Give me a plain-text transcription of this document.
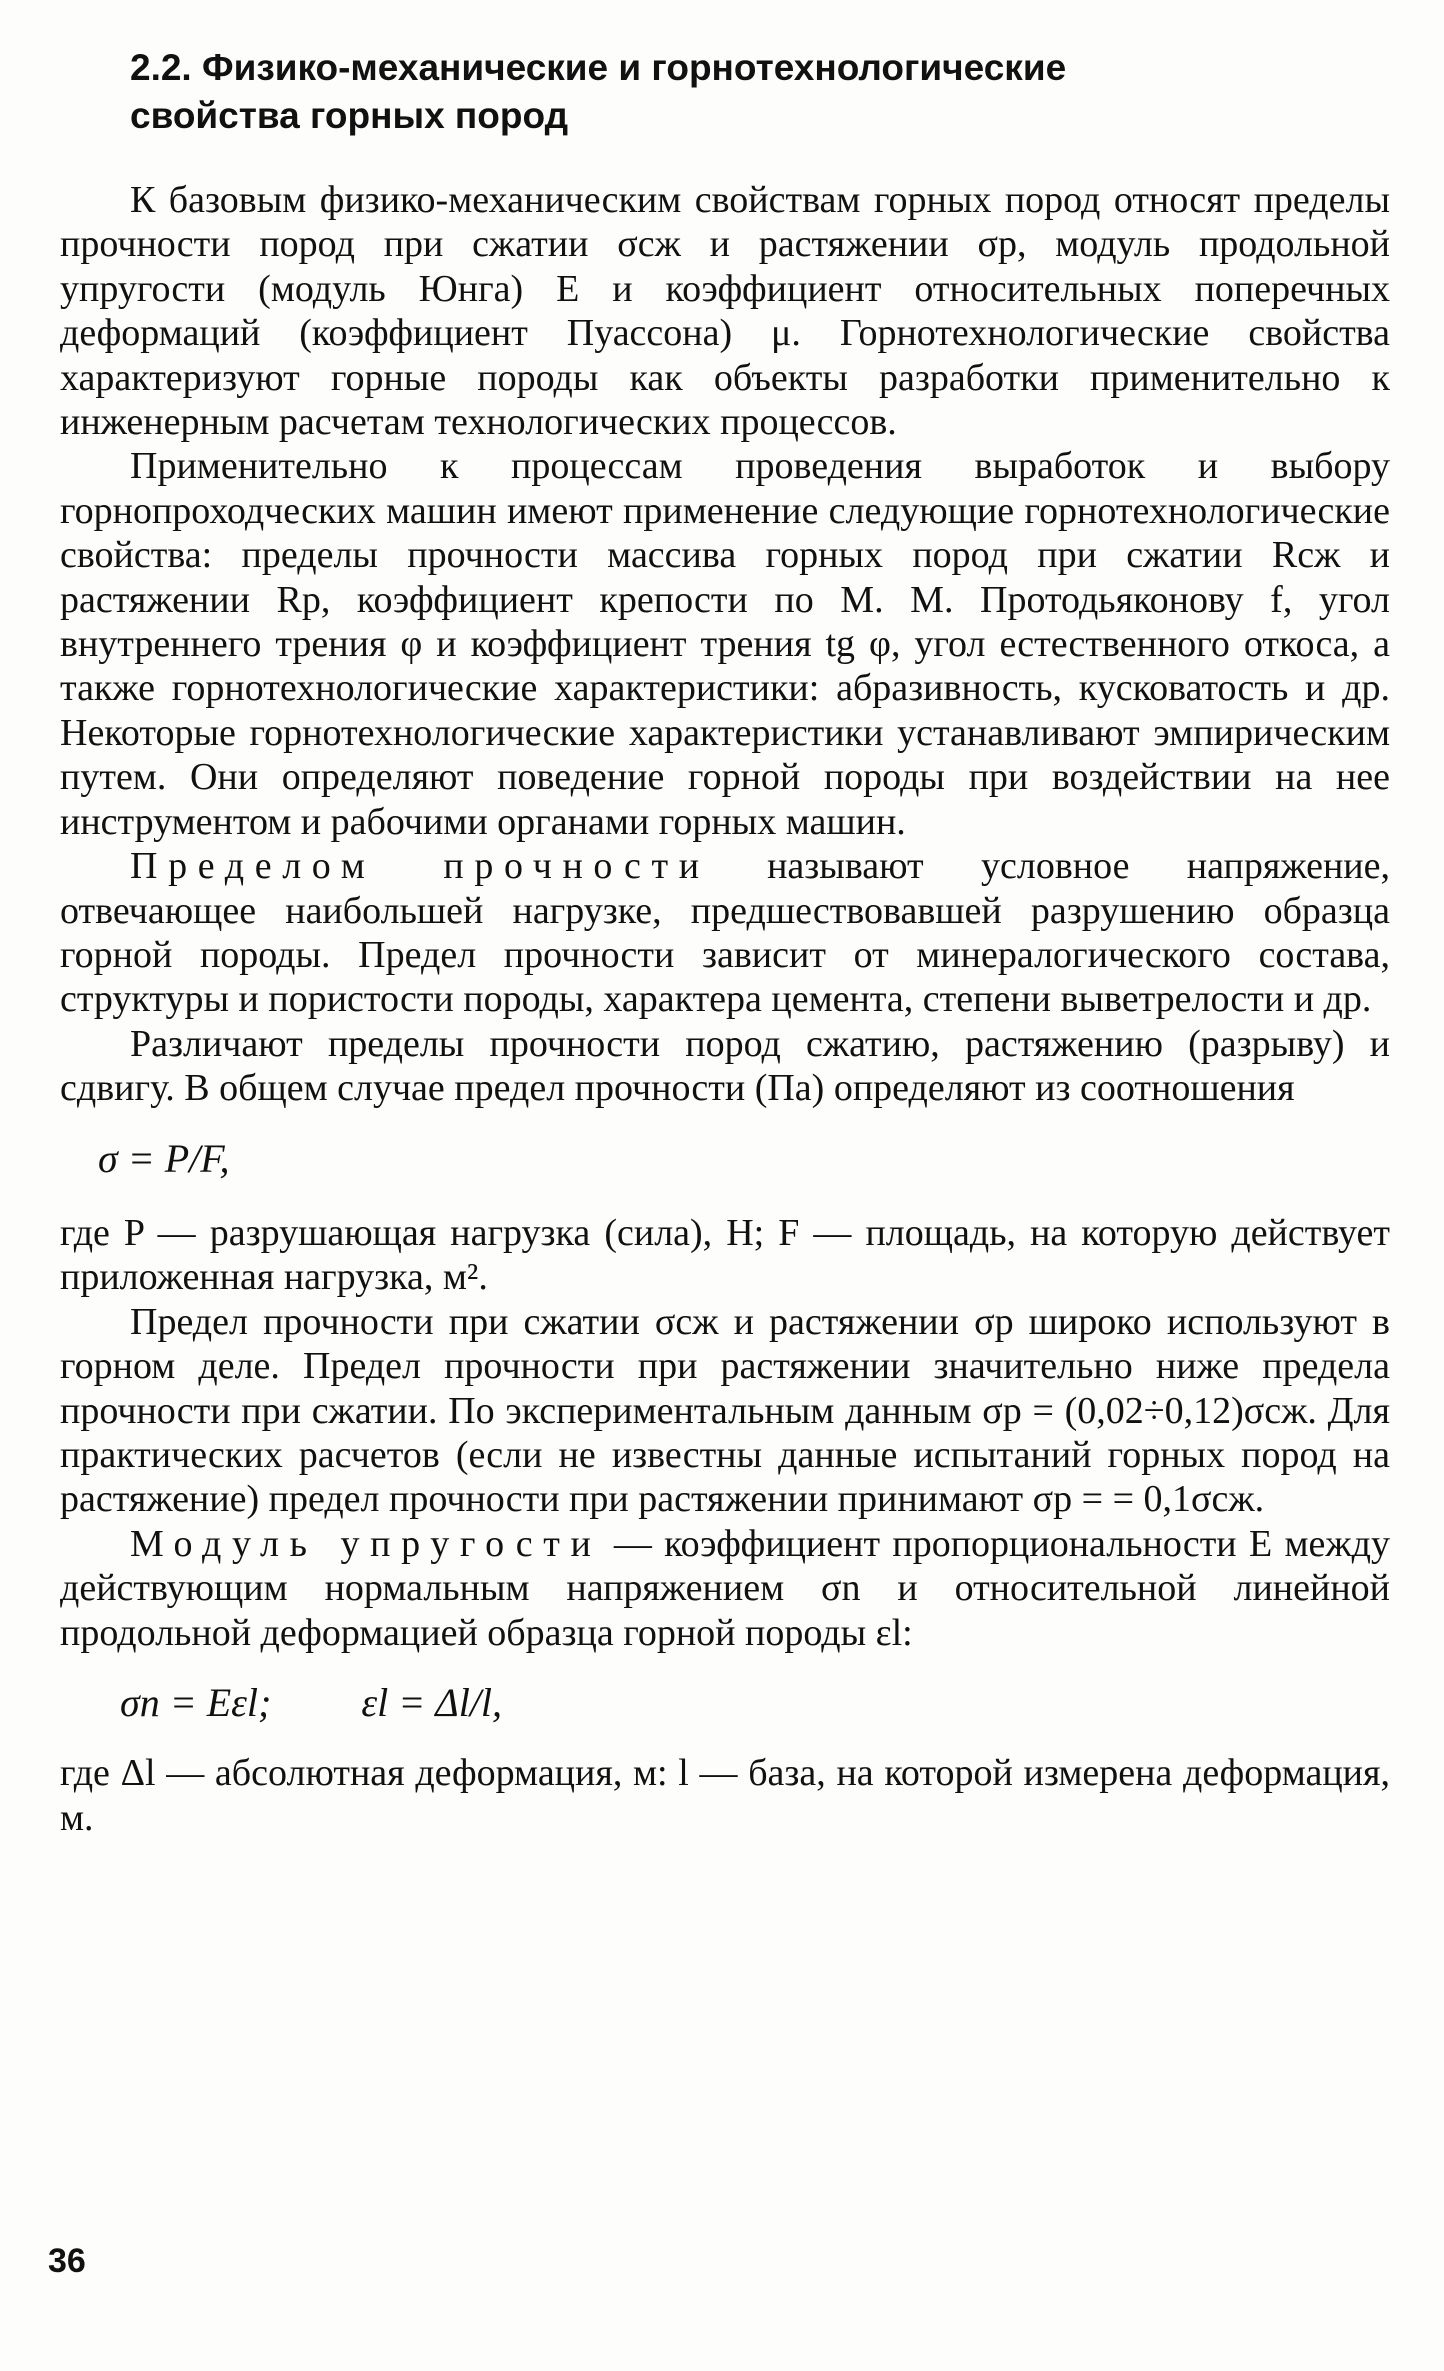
2.2. Физико-механические и горнотехнологические
свойства горных пород

К базовым физико-механическим свойствам горных пород относят пределы прочности пород при сжатии σсж и растяжении σр, модуль продольной упругости (модуль Юнга) E и коэффициент относительных поперечных деформаций (коэффициент Пуассона) μ. Горнотехнологические свойства характеризуют горные породы как объекты разработки применительно к инженерным расчетам технологических процессов.

Применительно к процессам проведения выработок и выбору горнопроходческих машин имеют применение следующие горнотехнологические свойства: пределы прочности массива горных пород при сжатии Rсж и растяжении Rр, коэффициент крепости по М. М. Протодьяконову f, угол внутреннего трения φ и коэффициент трения tg φ, угол естественного откоса, а также горнотехнологические характеристики: абразивность, кусковатость и др. Некоторые горнотехнологические характеристики устанавливают эмпирическим путем. Они определяют поведение горной породы при воздействии на нее инструментом и рабочими органами горных машин.

Пределом прочности называют условное напряжение, отвечающее наибольшей нагрузке, предшествовавшей разрушению образца горной породы. Предел прочности зависит от минералогического состава, структуры и пористости породы, характера цемента, степени выветрелости и др.

Различают пределы прочности пород сжатию, растяжению (разрыву) и сдвигу. В общем случае предел прочности (Па) определяют из соотношения

σ = P/F,

где P — разрушающая нагрузка (сила), Н; F — площадь, на которую действует приложенная нагрузка, м².

Предел прочности при сжатии σсж и растяжении σр широко используют в горном деле. Предел прочности при растяжении значительно ниже предела прочности при сжатии. По экспериментальным данным σр = (0,02÷0,12)σсж. Для практических расчетов (если не известны данные испытаний горных пород на растяжение) предел прочности при растяжении принимают σр = = 0,1σсж.

Модуль упругости — коэффициент пропорциональности E между действующим нормальным напряжением σn и относительной линейной продольной деформацией образца горной породы εl:

σn = Eεl; εl = Δl/l,

где Δl — абсолютная деформация, м: l — база, на которой измерена деформация, м.

36
